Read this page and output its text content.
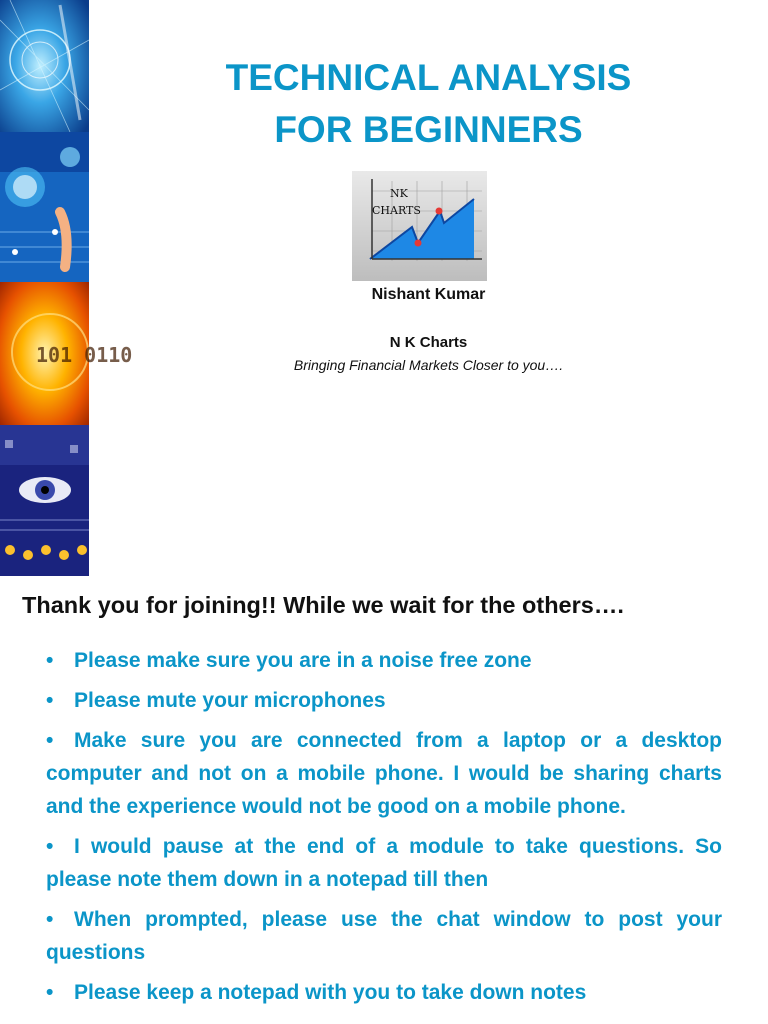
101 0110
TECHNICAL ANALYSIS
FOR BEGINNERS
NK
CHARTS
Nishant Kumar
N K Charts
Bringing Financial Markets Closer to you….
Thank you for joining!! While we wait for the others….
• Please make sure you are in a noise free zone
• Please mute your microphones
• Make sure you are connected from a laptop or a desktop computer and not on a mobile phone. I would be sharing charts and the experience would not be good on a mobile phone.
• I would pause at the end of a module to take questions. So please note them down in a notepad till then
• When prompted, please use the chat window to post your questions
• Please keep a notepad with you to take down notes
